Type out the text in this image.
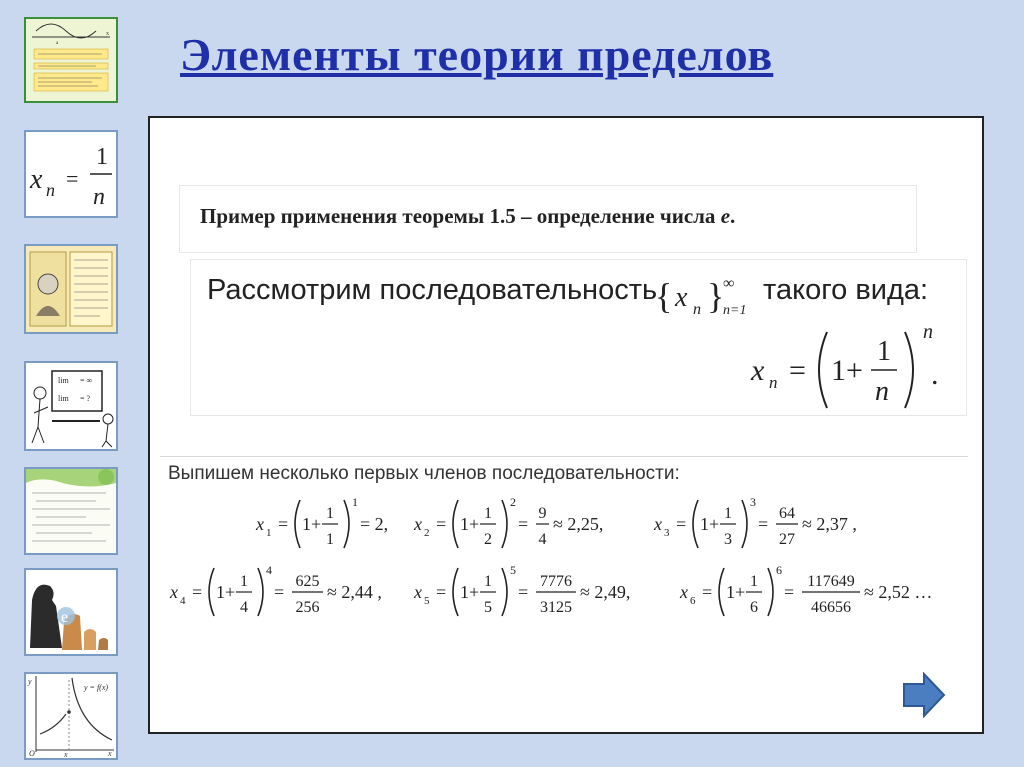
x
a
x n =
1
n
lim = ∞
lim = ?
e
y
y = f(x)
O	x
x
Элементы теории пределов
Пример применения теоремы 1.5 – определение числа e.
Рассмотрим последовательность
{ x n }
∞
n=1
такого вида:
x n = 1+
1
n
n
.
Выпишем несколько первых членов последовательности:
x 1 = 1+
1
1
1
= 2, x 2 = 1+
1
2
2
=
9
4
≈ 2,25,	x 3 = 1+
1
3
3
=
64
27
≈ 2,37 ,
x 4 = 1+
1
4
4
=
625
256
≈ 2,44 , x 5 = 1+
1
5
5
=
7776
3125
≈ 2,49,	x 6 = 1+
1
6
6
=
117649
46656
≈ 2,52 …
